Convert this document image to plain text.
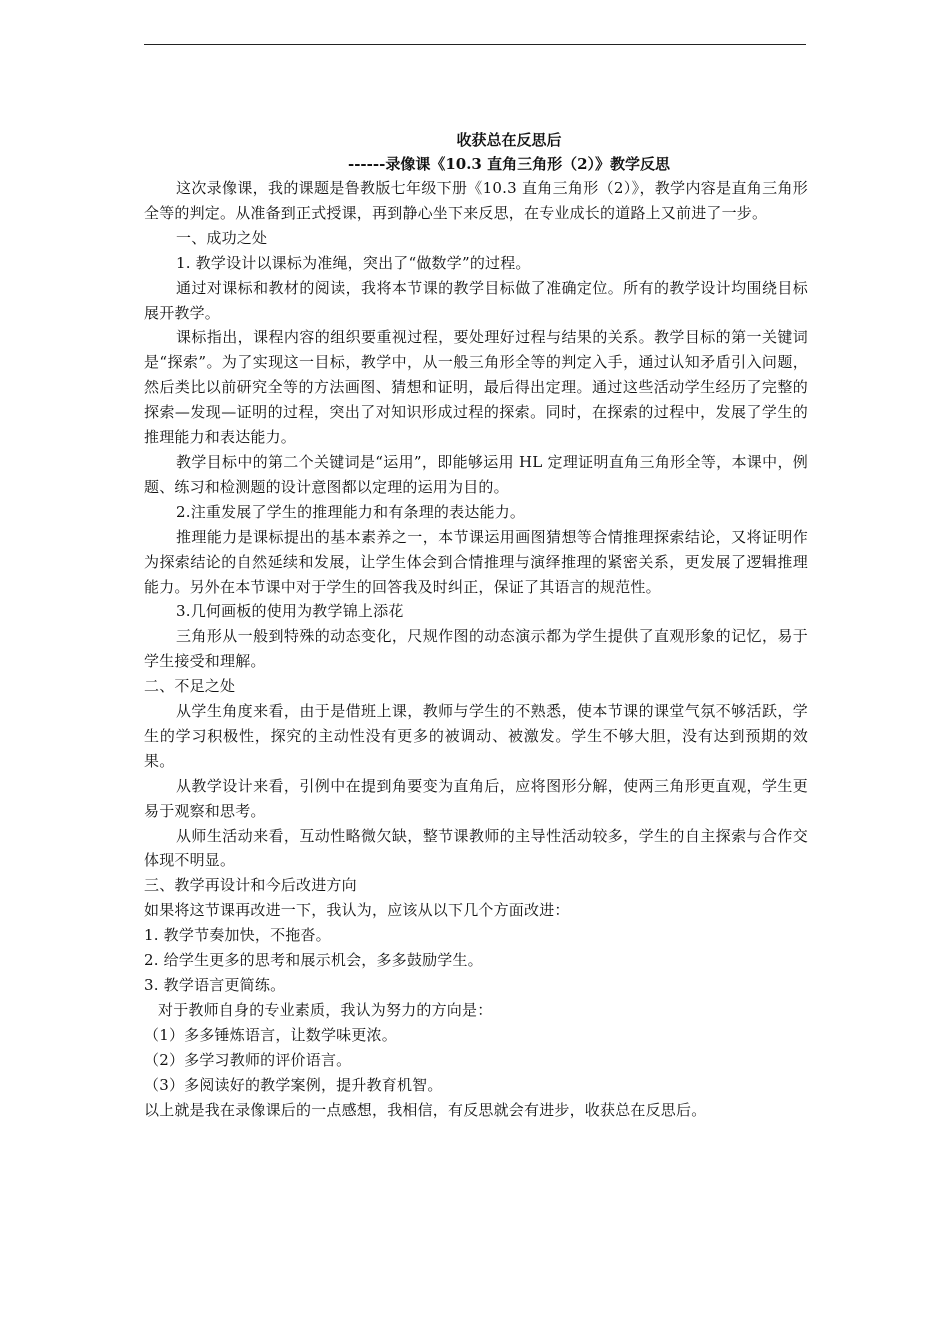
收获总在反思后
------录像课《10.3 直角三角形（2）》教学反思

这次录像课，我的课题是鲁教版七年级下册《10.3 直角三角形（2）》，教学内容是直角三角形全等的判定。从准备到正式授课，再到静心坐下来反思，在专业成长的道路上又前进了一步。

一、成功之处

1. 教学设计以课标为准绳，突出了“做数学”的过程。

通过对课标和教材的阅读，我将本节课的教学目标做了准确定位。所有的教学设计均围绕目标展开教学。

课标指出，课程内容的组织要重视过程，要处理好过程与结果的关系。教学目标的第一关键词是“探索”。为了实现这一目标，教学中，从一般三角形全等的判定入手，通过认知矛盾引入问题，然后类比以前研究全等的方法画图、猜想和证明，最后得出定理。通过这些活动学生经历了完整的探索—发现—证明的过程，突出了对知识形成过程的探索。同时，在探索的过程中，发展了学生的推理能力和表达能力。

教学目标中的第二个关键词是“运用”，即能够运用 HL 定理证明直角三角形全等，本课中，例题、练习和检测题的设计意图都以定理的运用为目的。

2.注重发展了学生的推理能力和有条理的表达能力。

推理能力是课标提出的基本素养之一，本节课运用画图猜想等合情推理探索结论，又将证明作为探索结论的自然延续和发展，让学生体会到合情推理与演绎推理的紧密关系，更发展了逻辑推理能力。另外在本节课中对于学生的回答我及时纠正，保证了其语言的规范性。

3.几何画板的使用为教学锦上添花

三角形从一般到特殊的动态变化，尺规作图的动态演示都为学生提供了直观形象的记忆，易于学生接受和理解。

二、不足之处

从学生角度来看，由于是借班上课，教师与学生的不熟悉，使本节课的课堂气氛不够活跃，学生的学习积极性，探究的主动性没有更多的被调动、被激发。学生不够大胆，没有达到预期的效果。

从教学设计来看，引例中在提到角要变为直角后，应将图形分解，使两三角形更直观，学生更易于观察和思考。

从师生活动来看，互动性略微欠缺，整节课教师的主导性活动较多，学生的自主探索与合作交体现不明显。

三、教学再设计和今后改进方向

如果将这节课再改进一下，我认为，应该从以下几个方面改进：

1. 教学节奏加快，不拖沓。

2. 给学生更多的思考和展示机会，多多鼓励学生。

3. 教学语言更简练。

对于教师自身的专业素质，我认为努力的方向是：

（1）多多锤炼语言，让数学味更浓。

（2）多学习教师的评价语言。

（3）多阅读好的教学案例，提升教育机智。

以上就是我在录像课后的一点感想，我相信，有反思就会有进步，收获总在反思后。
